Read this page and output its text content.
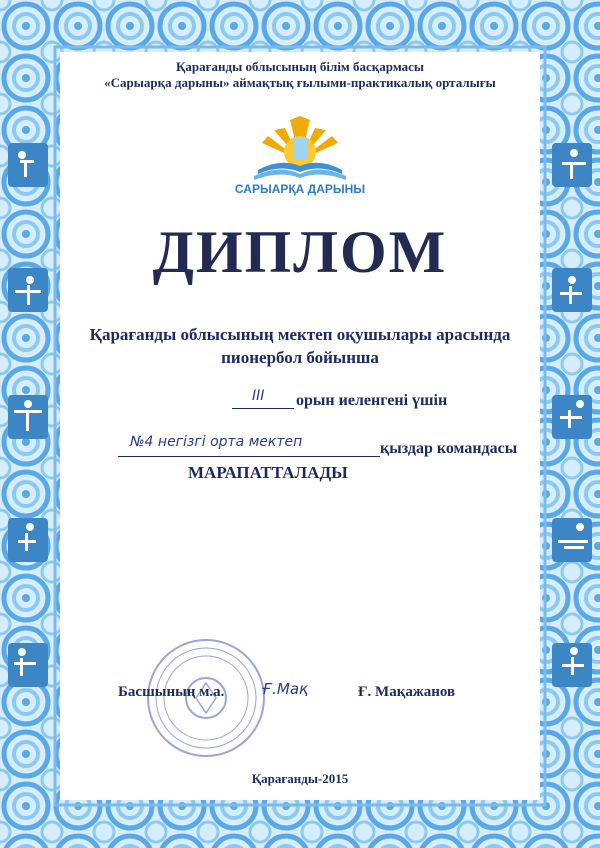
Қарағанды облысының білім басқармасы
«Сарыарқа дарыны» аймақтық ғылыми-практикалық орталығы
САРЫАРҚА ДАРЫНЫ
ДИПЛОМ
Қарағанды облысының мектеп оқушылары арасында
пионербол бойынша
III орын иеленгені үшін
№4 негізгі орта мектеп	қыздар командасы
МАРАПАТТАЛАДЫ
Басшының м.а.	Ғ.Мақ	Ғ. Мақажанов
Қарағанды-2015
